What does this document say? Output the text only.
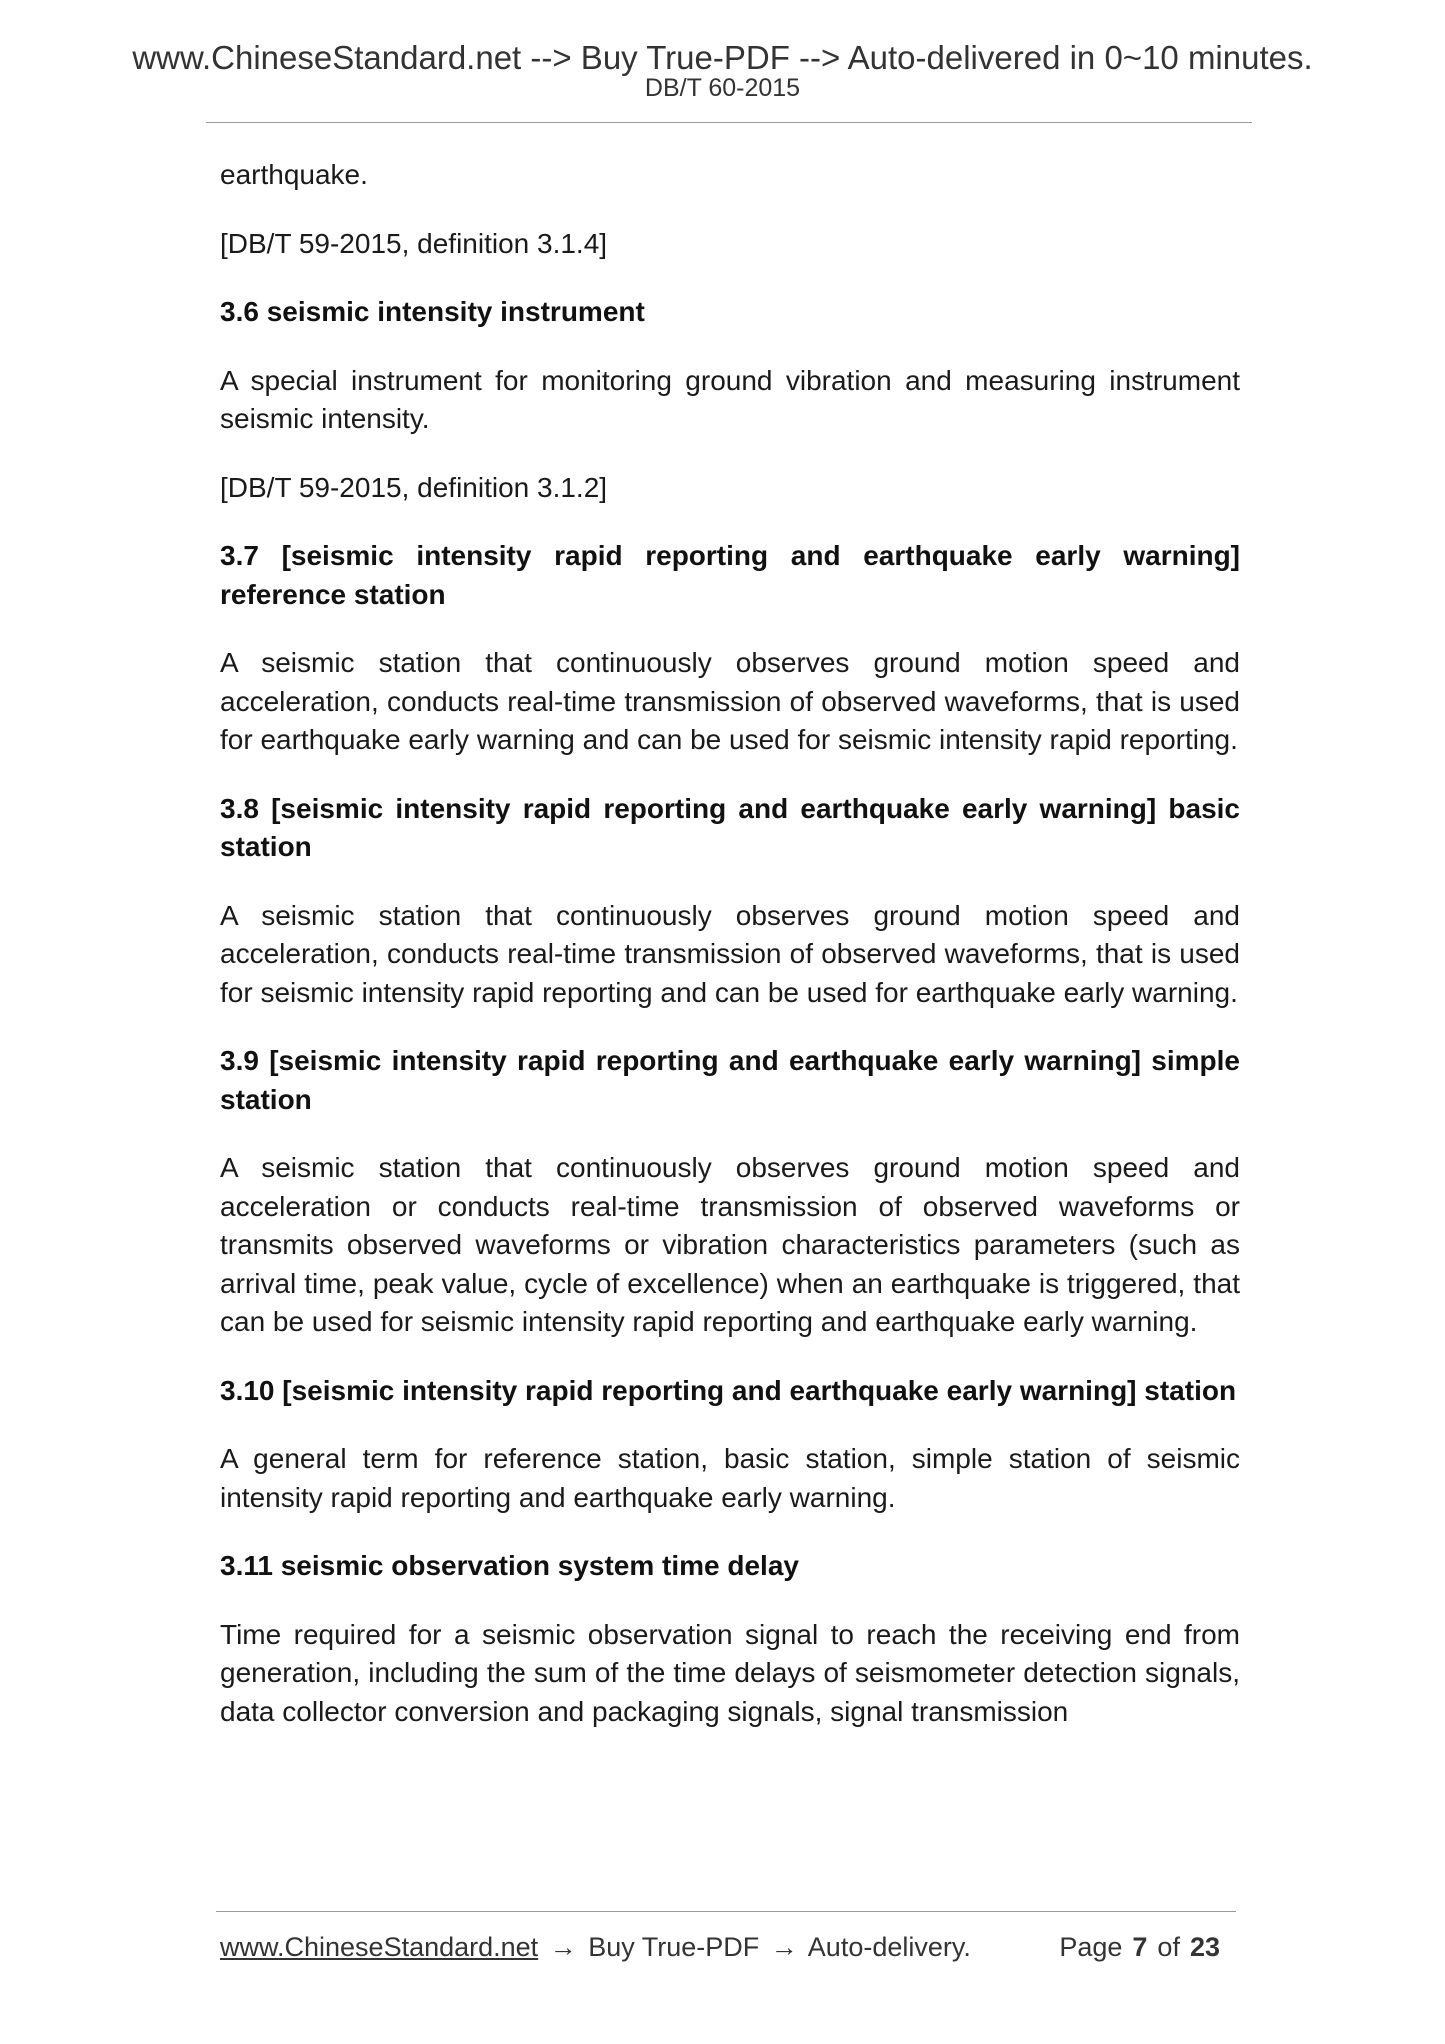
www.ChineseStandard.net --> Buy True-PDF --> Auto-delivered in 0~10 minutes.
DB/T 60-2015

earthquake.

[DB/T 59-2015, definition 3.1.4]

3.6 seismic intensity instrument

A special instrument for monitoring ground vibration and measuring instrument seismic intensity.

[DB/T 59-2015, definition 3.1.2]

3.7 [seismic intensity rapid reporting and earthquake early warning] reference station

A seismic station that continuously observes ground motion speed and acceleration, conducts real-time transmission of observed waveforms, that is used for earthquake early warning and can be used for seismic intensity rapid reporting.

3.8 [seismic intensity rapid reporting and earthquake early warning] basic station

A seismic station that continuously observes ground motion speed and acceleration, conducts real-time transmission of observed waveforms, that is used for seismic intensity rapid reporting and can be used for earthquake early warning.

3.9 [seismic intensity rapid reporting and earthquake early warning] simple station

A seismic station that continuously observes ground motion speed and acceleration or conducts real-time transmission of observed waveforms or transmits observed waveforms or vibration characteristics parameters (such as arrival time, peak value, cycle of excellence) when an earthquake is triggered, that can be used for seismic intensity rapid reporting and earthquake early warning.

3.10 [seismic intensity rapid reporting and earthquake early warning] station

A general term for reference station, basic station, simple station of seismic intensity rapid reporting and earthquake early warning.

3.11 seismic observation system time delay

Time required for a seismic observation signal to reach the receiving end from generation, including the sum of the time delays of seismometer detection signals, data collector conversion and packaging signals, signal transmission

www.ChineseStandard.net → Buy True-PDF → Auto-delivery.	Page 7 of 23
